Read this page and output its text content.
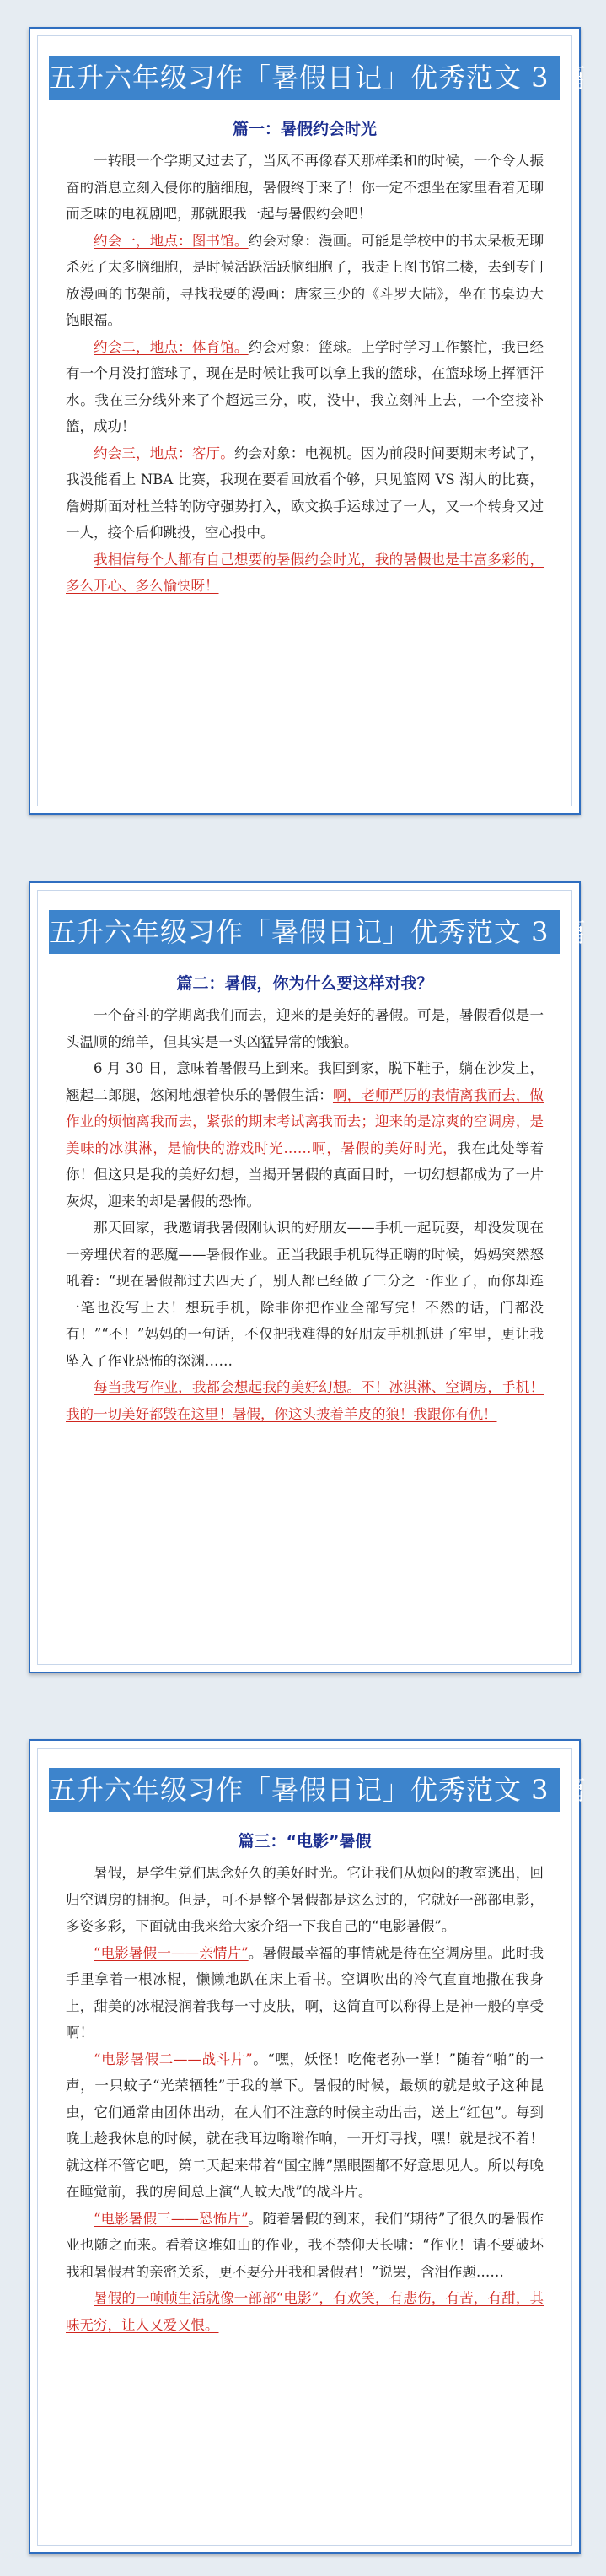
五升六年级习作「暑假日记」优秀范文 3 篇
篇一：暑假约会时光

一转眼一个学期又过去了，当风不再像春天那样柔和的时候，一个令人振奋的消息立刻入侵你的脑细胞，暑假终于来了！你一定不想坐在家里看着无聊而乏味的电视剧吧，那就跟我一起与暑假约会吧！

约会一，地点：图书馆。约会对象：漫画。可能是学校中的书太呆板无聊杀死了太多脑细胞，是时候活跃活跃脑细胞了，我走上图书馆二楼，去到专门放漫画的书架前，寻找我要的漫画：唐家三少的《斗罗大陆》，坐在书桌边大饱眼福。

约会二，地点：体育馆。约会对象：篮球。上学时学习工作繁忙，我已经有一个月没打篮球了，现在是时候让我可以拿上我的篮球，在篮球场上挥洒汗水。我在三分线外来了个超远三分，哎，没中，我立刻冲上去，一个空接补篮，成功！

约会三，地点：客厅。约会对象：电视机。因为前段时间要期末考试了，我没能看上 NBA 比赛，我现在要看回放看个够，只见篮网 VS 湖人的比赛，詹姆斯面对杜兰特的防守强势打入，欧文换手运球过了一人，又一个转身又过一人，接个后仰跳投，空心投中。

我相信每个人都有自己想要的暑假约会时光，我的暑假也是丰富多彩的，多么开心、多么愉快呀！

五升六年级习作「暑假日记」优秀范文 3 篇
篇二：暑假，你为什么要这样对我？

一个奋斗的学期离我们而去，迎来的是美好的暑假。可是，暑假看似是一头温顺的绵羊，但其实是一头凶猛异常的饿狼。

6 月 30 日，意味着暑假马上到来。我回到家，脱下鞋子，躺在沙发上，翘起二郎腿，悠闲地想着快乐的暑假生活：啊，老师严厉的表情离我而去，做作业的烦恼离我而去，紧张的期末考试离我而去；迎来的是凉爽的空调房，是美味的冰淇淋，是愉快的游戏时光……啊，暑假的美好时光，我在此处等着你！但这只是我的美好幻想，当揭开暑假的真面目时，一切幻想都成为了一片灰烬，迎来的却是暑假的恐怖。

那天回家，我邀请我暑假刚认识的好朋友——手机一起玩耍，却没发现在一旁埋伏着的恶魔——暑假作业。正当我跟手机玩得正嗨的时候，妈妈突然怒吼着：“现在暑假都过去四天了，别人都已经做了三分之一作业了，而你却连一笔也没写上去！想玩手机，除非你把作业全部写完！不然的话，门都没有！”“不！”妈妈的一句话，不仅把我难得的好朋友手机抓进了牢里，更让我坠入了作业恐怖的深渊……

每当我写作业，我都会想起我的美好幻想。不！冰淇淋、空调房，手机！我的一切美好都毁在这里！暑假，你这头披着羊皮的狼！我跟你有仇！

五升六年级习作「暑假日记」优秀范文 3 篇
篇三：“电影”暑假

暑假，是学生党们思念好久的美好时光。它让我们从烦闷的教室逃出，回归空调房的拥抱。但是，可不是整个暑假都是这么过的，它就好一部部电影，多姿多彩，下面就由我来给大家介绍一下我自己的“电影暑假”。

“电影暑假一——亲情片”。暑假最幸福的事情就是待在空调房里。此时我手里拿着一根冰棍，懒懒地趴在床上看书。空调吹出的冷气直直地撒在我身上，甜美的冰棍浸润着我每一寸皮肤，啊，这简直可以称得上是神一般的享受啊！

“电影暑假二——战斗片”。“嘿，妖怪！吃俺老孙一掌！”随着“啪”的一声，一只蚊子“光荣牺牲”于我的掌下。暑假的时候，最烦的就是蚊子这种昆虫，它们通常由团体出动，在人们不注意的时候主动出击，送上“红包”。每到晚上趁我休息的时候，就在我耳边嗡嗡作响，一开灯寻找，嘿！就是找不着！就这样不管它吧，第二天起来带着“国宝牌”黑眼圈都不好意思见人。所以每晚在睡觉前，我的房间总上演“人蚊大战”的战斗片。

“电影暑假三——恐怖片”。随着暑假的到来，我们“期待”了很久的暑假作业也随之而来。看着这堆如山的作业，我不禁仰天长啸：“作业！请不要破坏我和暑假君的亲密关系，更不要分开我和暑假君！”说罢，含泪作题……

暑假的一帧帧生活就像一部部“电影”，有欢笑，有悲伤，有苦，有甜，其味无穷，让人又爱又恨。
